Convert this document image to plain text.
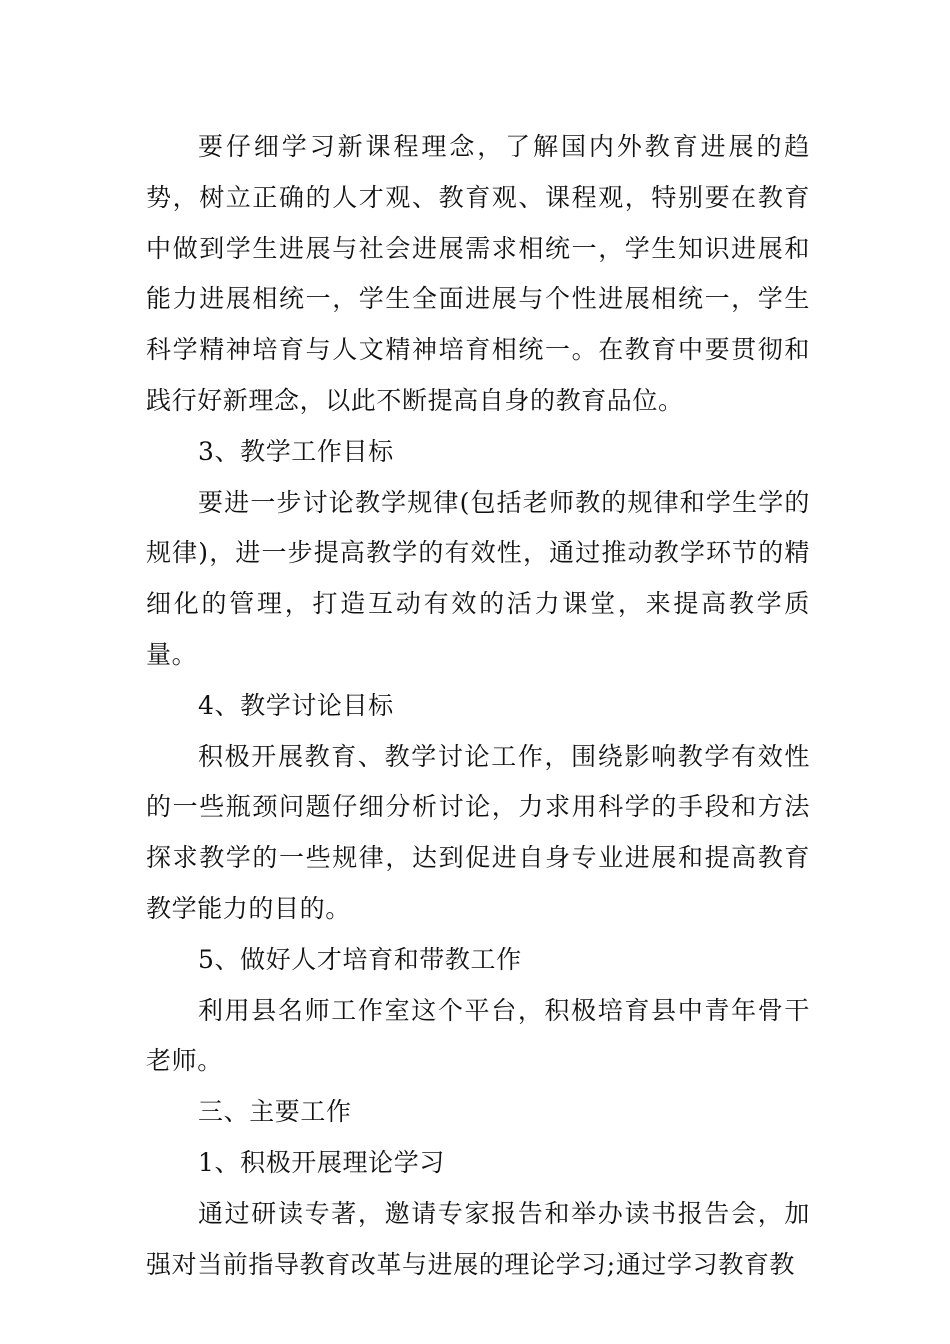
要仔细学习新课程理念，了解国内外教育进展的趋势，树立正确的人才观、教育观、课程观，特别要在教育中做到学生进展与社会进展需求相统一，学生知识进展和能力进展相统一，学生全面进展与个性进展相统一，学生科学精神培育与人文精神培育相统一。在教育中要贯彻和践行好新理念，以此不断提高自身的教育品位。

3、教学工作目标

要进一步讨论教学规律(包括老师教的规律和学生学的规律)，进一步提高教学的有效性，通过推动教学环节的精细化的管理，打造互动有效的活力课堂，来提高教学质量。

4、教学讨论目标

积极开展教育、教学讨论工作，围绕影响教学有效性的一些瓶颈问题仔细分析讨论，力求用科学的手段和方法探求教学的一些规律，达到促进自身专业进展和提高教育教学能力的目的。

5、做好人才培育和带教工作

利用县名师工作室这个平台，积极培育县中青年骨干老师。

三、主要工作

1、积极开展理论学习

通过研读专著，邀请专家报告和举办读书报告会，加强对当前指导教育改革与进展的理论学习;通过学习教育教
